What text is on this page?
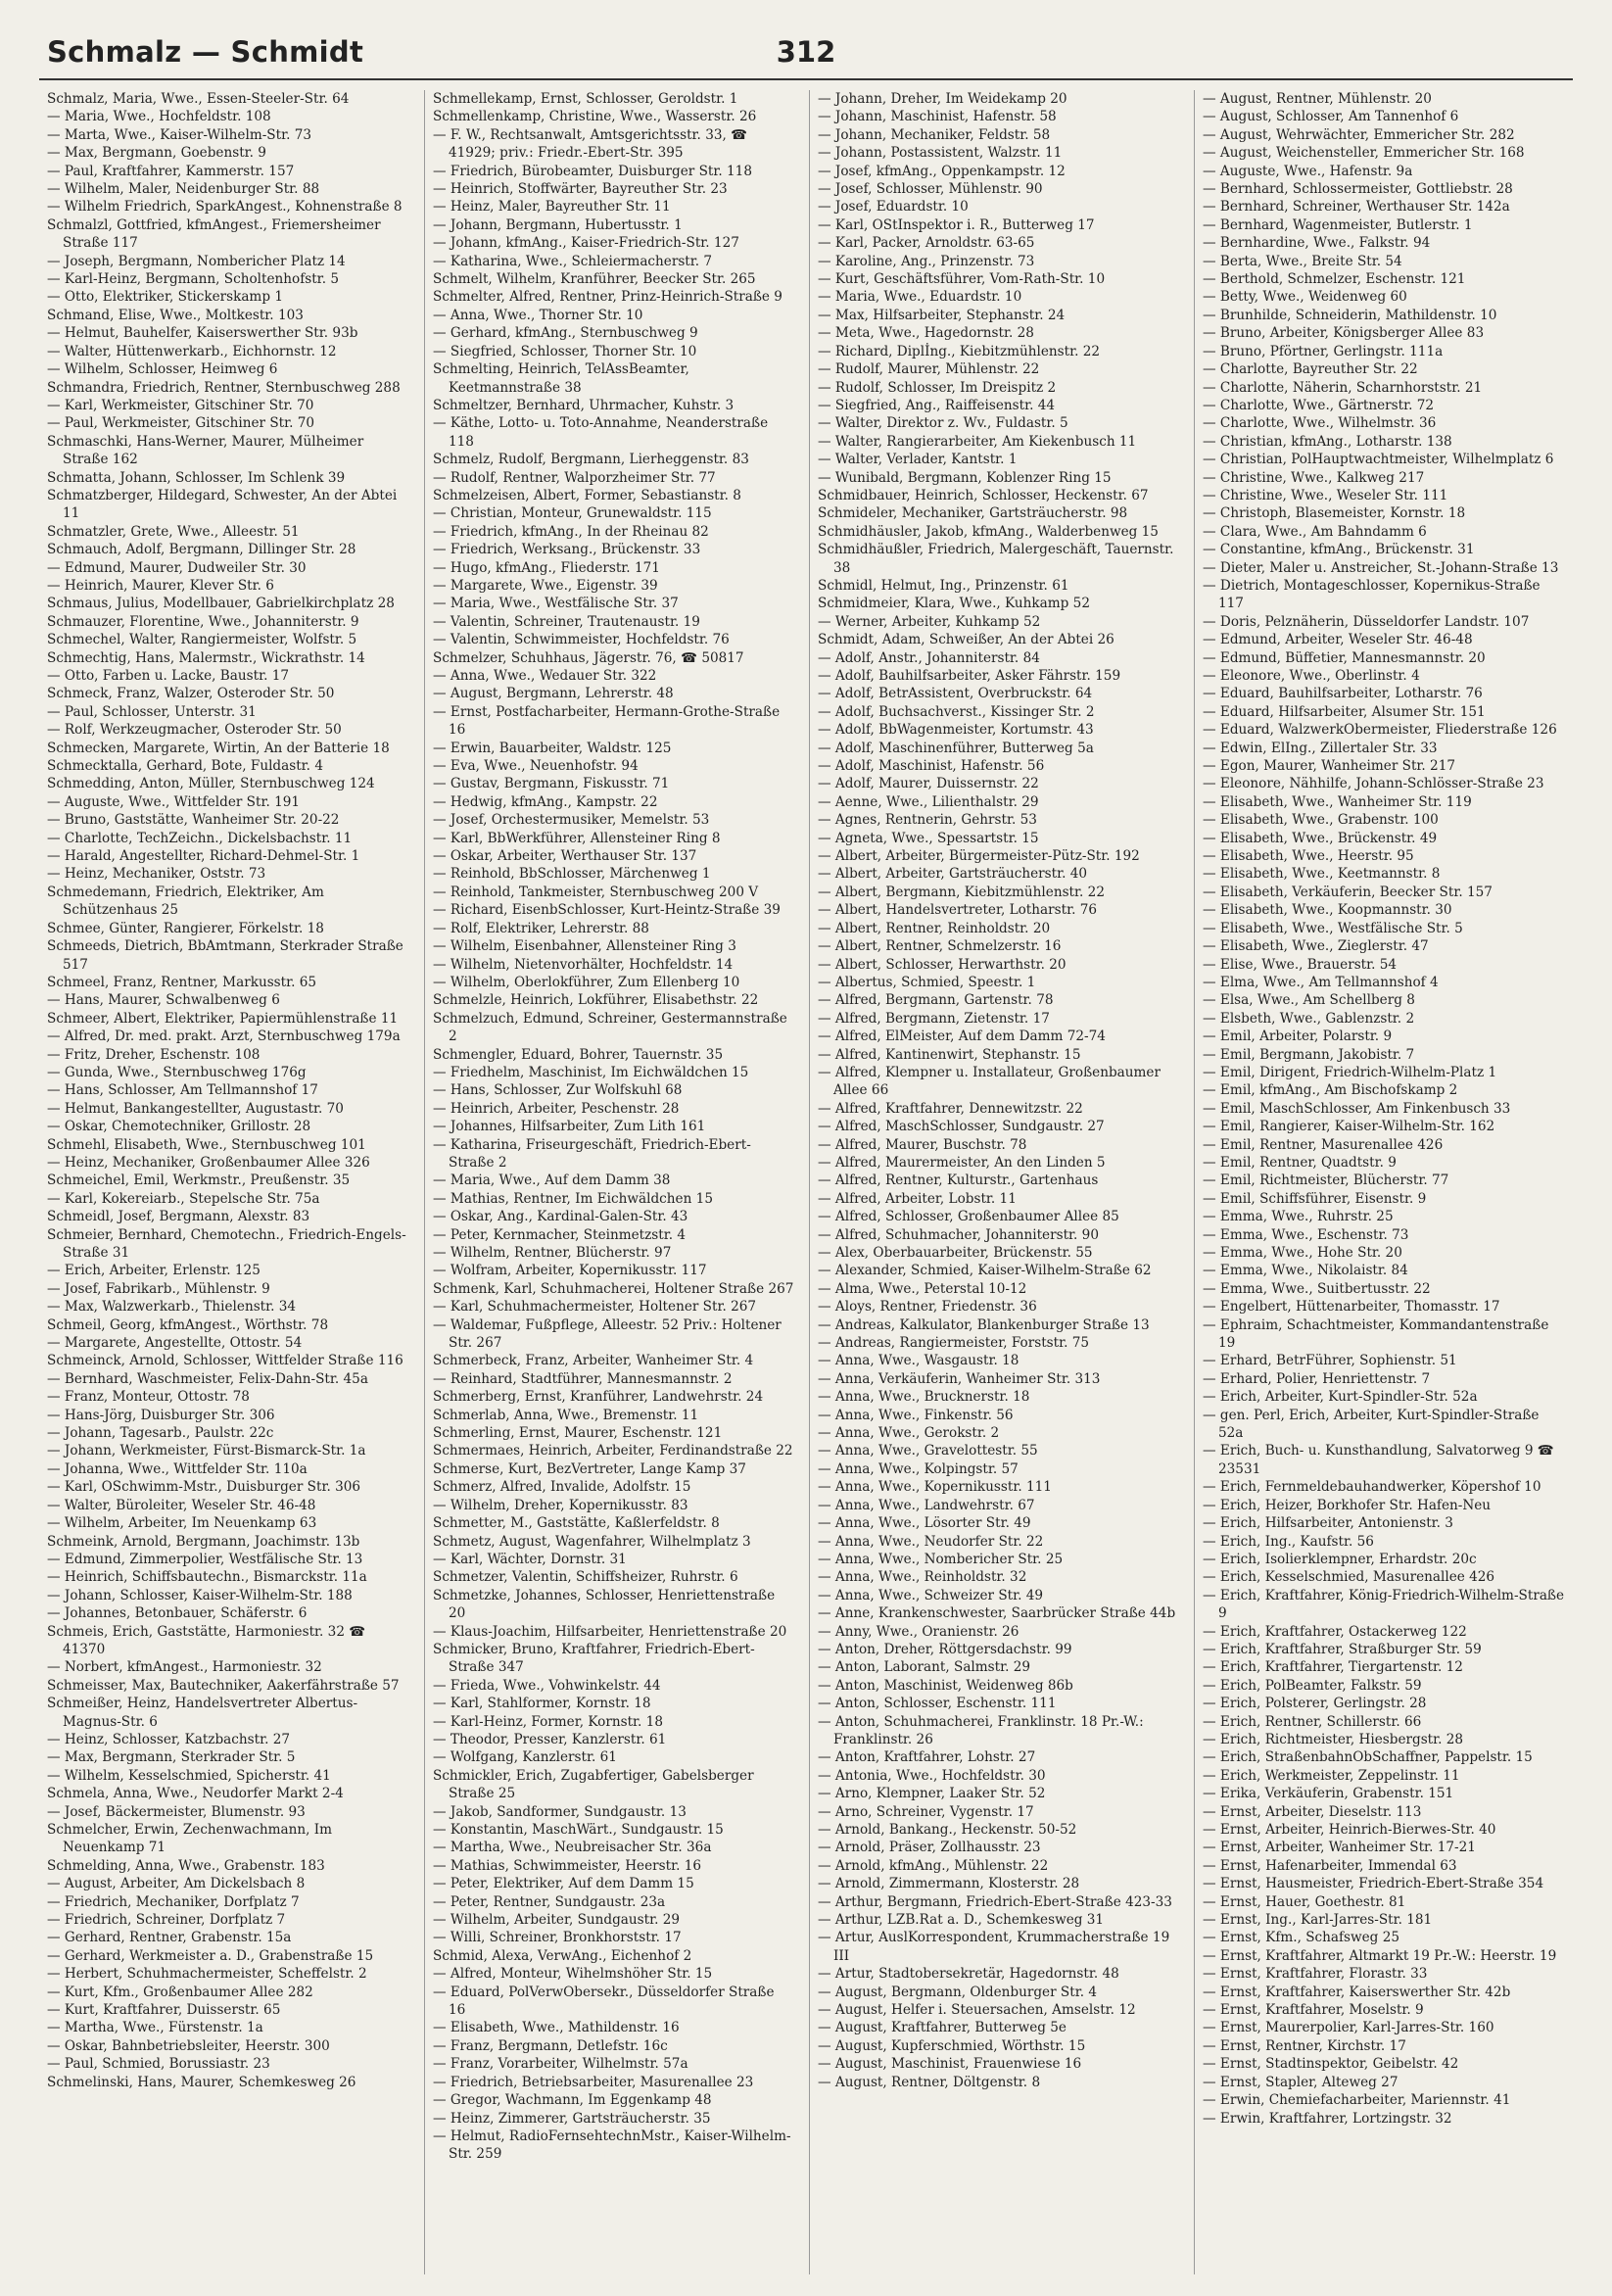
Schmalz — Schmidt	312
Schmalz, Maria, Wwe., Essen-Steeler-Str. 64
— Maria, Wwe., Hochfeldstr. 108
— Marta, Wwe., Kaiser-Wilhelm-Str. 73
— Max, Bergmann, Goebenstr. 9
— Paul, Kraftfahrer, Kammerstr. 157
— Wilhelm, Maler, Neidenburger Str. 88
— Wilhelm Friedrich, SparkAngest., Kohnenstraße 8
Schmalzl, Gottfried, kfmAngest., Friemersheimer Straße 117
— Joseph, Bergmann, Nombericher Platz 14
— Karl-Heinz, Bergmann, Scholtenhofstr. 5
— Otto, Elektriker, Stickerskamp 1
Schmand, Elise, Wwe., Moltkestr. 103
— Helmut, Bauhelfer, Kaiserswerther Str. 93b
— Walter, Hüttenwerkarb., Eichhornstr. 12
— Wilhelm, Schlosser, Heimweg 6
Schmandra, Friedrich, Rentner, Sternbuschweg 288
— Karl, Werkmeister, Gitschiner Str. 70
— Paul, Werkmeister, Gitschiner Str. 70
Schmaschki, Hans-Werner, Maurer, Mülheimer Straße 162
Schmatta, Johann, Schlosser, Im Schlenk 39
Schmatzberger, Hildegard, Schwester, An der Abtei 11
Schmatzler, Grete, Wwe., Alleestr. 51
Schmauch, Adolf, Bergmann, Dillinger Str. 28
— Edmund, Maurer, Dudweiler Str. 30
— Heinrich, Maurer, Klever Str. 6
Schmaus, Julius, Modellbauer, Gabrielkirchplatz 28
Schmauzer, Florentine, Wwe., Johanniterstr. 9
Schmechel, Walter, Rangiermeister, Wolfstr. 5
Schmechtig, Hans, Malermstr., Wickrathstr. 14
— Otto, Farben u. Lacke, Baustr. 17
Schmeck, Franz, Walzer, Osteroder Str. 50
— Paul, Schlosser, Unterstr. 31
— Rolf, Werkzeugmacher, Osteroder Str. 50
Schmecken, Margarete, Wirtin, An der Batterie 18
Schmecktalla, Gerhard, Bote, Fuldastr. 4
Schmedding, Anton, Müller, Sternbuschweg 124
— Auguste, Wwe., Wittfelder Str. 191
— Bruno, Gaststätte, Wanheimer Str. 20-22
— Charlotte, TechZeichn., Dickelsbachstr. 11
— Harald, Angestellter, Richard-Dehmel-Str. 1
— Heinz, Mechaniker, Oststr. 73
Schmedemann, Friedrich, Elektriker, Am Schützenhaus 25
Schmee, Günter, Rangierer, Förkelstr. 18
Schmeeds, Dietrich, BbAmtmann, Sterkrader Straße 517
Schmeel, Franz, Rentner, Markusstr. 65
— Hans, Maurer, Schwalbenweg 6
Schmeer, Albert, Elektriker, Papiermühlenstraße 11
— Alfred, Dr. med. prakt. Arzt, Sternbuschweg 179a
— Fritz, Dreher, Eschenstr. 108
— Gunda, Wwe., Sternbuschweg 176g
— Hans, Schlosser, Am Tellmannshof 17
— Helmut, Bankangestellter, Augustastr. 70
— Oskar, Chemotechniker, Grillostr. 28
Schmehl, Elisabeth, Wwe., Sternbuschweg 101
— Heinz, Mechaniker, Großenbaumer Allee 326
Schmeichel, Emil, Werkmstr., Preußenstr. 35
— Karl, Kokereiarb., Stepelsche Str. 75a
Schmeidl, Josef, Bergmann, Alexstr. 83
Schmeier, Bernhard, Chemotechn., Friedrich-Engels-Straße 31
— Erich, Arbeiter, Erlenstr. 125
— Josef, Fabrikarb., Mühlenstr. 9
— Max, Walzwerkarb., Thielenstr. 34
Schmeil, Georg, kfmAngest., Wörthstr. 78
— Margarete, Angestellte, Ottostr. 54
Schmeinck, Arnold, Schlosser, Wittfelder Straße 116
— Bernhard, Waschmeister, Felix-Dahn-Str. 45a
— Franz, Monteur, Ottostr. 78
— Hans-Jörg, Duisburger Str. 306
— Johann, Tagesarb., Paulstr. 22c
— Johann, Werkmeister, Fürst-Bismarck-Str. 1a
— Johanna, Wwe., Wittfelder Str. 110a
— Karl, OSchwimm-Mstr., Duisburger Str. 306
— Walter, Büroleiter, Weseler Str. 46-48
— Wilhelm, Arbeiter, Im Neuenkamp 63
Schmeink, Arnold, Bergmann, Joachimstr. 13b
— Edmund, Zimmerpolier, Westfälische Str. 13
— Heinrich, Schiffsbautechn., Bismarckstr. 11a
— Johann, Schlosser, Kaiser-Wilhelm-Str. 188
— Johannes, Betonbauer, Schäferstr. 6
Schmeis, Erich, Gaststätte, Harmoniestr. 32 ☎ 41370
— Norbert, kfmAngest., Harmoniestr. 32
Schmeisser, Max, Bautechniker, Aakerfährstraße 57
Schmeißer, Heinz, Handelsvertreter Albertus-Magnus-Str. 6
— Heinz, Schlosser, Katzbachstr. 27
— Max, Bergmann, Sterkrader Str. 5
— Wilhelm, Kesselschmied, Spicherstr. 41
Schmela, Anna, Wwe., Neudorfer Markt 2-4
— Josef, Bäckermeister, Blumenstr. 93
Schmelcher, Erwin, Zechenwachmann, Im Neuenkamp 71
Schmelding, Anna, Wwe., Grabenstr. 183
— August, Arbeiter, Am Dickelsbach 8
— Friedrich, Mechaniker, Dorfplatz 7
— Friedrich, Schreiner, Dorfplatz 7
— Gerhard, Rentner, Grabenstr. 15a
— Gerhard, Werkmeister a. D., Grabenstraße 15
— Herbert, Schuhmachermeister, Scheffelstr. 2
— Kurt, Kfm., Großenbaumer Allee 282
— Kurt, Kraftfahrer, Duisserstr. 65
— Martha, Wwe., Fürstenstr. 1a
— Oskar, Bahnbetriebsleiter, Heerstr. 300
— Paul, Schmied, Borussiastr. 23
Schmelinski, Hans, Maurer, Schemkesweg 26
Schmellekamp, Ernst, Schlosser, Geroldstr. 1
Schmellenkamp, Christine, Wwe., Wasserstr. 26
— F. W., Rechtsanwalt, Amtsgerichtsstr. 33, ☎ 41929; priv.: Friedr.-Ebert-Str. 395
— Friedrich, Bürobeamter, Duisburger Str. 118
— Heinrich, Stoffwärter, Bayreuther Str. 23
— Heinz, Maler, Bayreuther Str. 11
— Johann, Bergmann, Hubertusstr. 1
— Johann, kfmAng., Kaiser-Friedrich-Str. 127
— Katharina, Wwe., Schleiermacherstr. 7
Schmelt, Wilhelm, Kranführer, Beecker Str. 265
Schmelter, Alfred, Rentner, Prinz-Heinrich-Straße 9
— Anna, Wwe., Thorner Str. 10
— Gerhard, kfmAng., Sternbuschweg 9
— Siegfried, Schlosser, Thorner Str. 10
Schmelting, Heinrich, TelAssBeamter, Keetmannstraße 38
Schmeltzer, Bernhard, Uhrmacher, Kuhstr. 3
— Käthe, Lotto- u. Toto-Annahme, Neanderstraße 118
Schmelz, Rudolf, Bergmann, Lierheggenstr. 83
— Rudolf, Rentner, Walporzheimer Str. 77
Schmelzeisen, Albert, Former, Sebastianstr. 8
— Christian, Monteur, Grunewaldstr. 115
— Friedrich, kfmAng., In der Rheinau 82
— Friedrich, Werksang., Brückenstr. 33
— Hugo, kfmAng., Fliederstr. 171
— Margarete, Wwe., Eigenstr. 39
— Maria, Wwe., Westfälische Str. 37
— Valentin, Schreiner, Trautenaustr. 19
— Valentin, Schwimmeister, Hochfeldstr. 76
Schmelzer, Schuhhaus, Jägerstr. 76, ☎ 50817
— Anna, Wwe., Wedauer Str. 322
— August, Bergmann, Lehrerstr. 48
— Ernst, Postfacharbeiter, Hermann-Grothe-Straße 16
— Erwin, Bauarbeiter, Waldstr. 125
— Eva, Wwe., Neuenhofstr. 94
— Gustav, Bergmann, Fiskusstr. 71
— Hedwig, kfmAng., Kampstr. 22
— Josef, Orchestermusiker, Memelstr. 53
— Karl, BbWerkführer, Allensteiner Ring 8
— Oskar, Arbeiter, Werthauser Str. 137
— Reinhold, BbSchlosser, Märchenweg 1
— Reinhold, Tankmeister, Sternbuschweg 200 V
— Richard, EisenbSchlosser, Kurt-Heintz-Straße 39
— Rolf, Elektriker, Lehrerstr. 88
— Wilhelm, Eisenbahner, Allensteiner Ring 3
— Wilhelm, Nietenvorhälter, Hochfeldstr. 14
— Wilhelm, Oberlokführer, Zum Ellenberg 10
Schmelzle, Heinrich, Lokführer, Elisabethstr. 22
Schmelzuch, Edmund, Schreiner, Gestermannstraße 2
Schmengler, Eduard, Bohrer, Tauernstr. 35
— Friedhelm, Maschinist, Im Eichwäldchen 15
— Hans, Schlosser, Zur Wolfskuhl 68
— Heinrich, Arbeiter, Peschenstr. 28
— Johannes, Hilfsarbeiter, Zum Lith 161
— Katharina, Friseurgeschäft, Friedrich-Ebert-Straße 2
— Maria, Wwe., Auf dem Damm 38
— Mathias, Rentner, Im Eichwäldchen 15
— Oskar, Ang., Kardinal-Galen-Str. 43
— Peter, Kernmacher, Steinmetzstr. 4
— Wilhelm, Rentner, Blücherstr. 97
— Wolfram, Arbeiter, Kopernikusstr. 117
Schmenk, Karl, Schuhmacherei, Holtener Straße 267
— Karl, Schuhmachermeister, Holtener Str. 267
— Waldemar, Fußpflege, Alleestr. 52 Priv.: Holtener Str. 267
Schmerbeck, Franz, Arbeiter, Wanheimer Str. 4
— Reinhard, Stadtführer, Mannesmannstr. 2
Schmerberg, Ernst, Kranführer, Landwehrstr. 24
Schmerlab, Anna, Wwe., Bremenstr. 11
Schmerling, Ernst, Maurer, Eschenstr. 121
Schmermaes, Heinrich, Arbeiter, Ferdinandstraße 22
Schmerse, Kurt, BezVertreter, Lange Kamp 37
Schmerz, Alfred, Invalide, Adolfstr. 15
— Wilhelm, Dreher, Kopernikusstr. 83
Schmetter, M., Gaststätte, Kaßlerfeldstr. 8
Schmetz, August, Wagenfahrer, Wilhelmplatz 3
— Karl, Wächter, Dornstr. 31
Schmetzer, Valentin, Schiffsheizer, Ruhrstr. 6
Schmetzke, Johannes, Schlosser, Henriettenstraße 20
— Klaus-Joachim, Hilfsarbeiter, Henriettenstraße 20
Schmicker, Bruno, Kraftfahrer, Friedrich-Ebert-Straße 347
— Frieda, Wwe., Vohwinkelstr. 44
— Karl, Stahlformer, Kornstr. 18
— Karl-Heinz, Former, Kornstr. 18
— Theodor, Presser, Kanzlerstr. 61
— Wolfgang, Kanzlerstr. 61
Schmickler, Erich, Zugabfertiger, Gabelsberger Straße 25
— Jakob, Sandformer, Sundgaustr. 13
— Konstantin, MaschWärt., Sundgaustr. 15
— Martha, Wwe., Neubreisacher Str. 36a
— Mathias, Schwimmeister, Heerstr. 16
— Peter, Elektriker, Auf dem Damm 15
— Peter, Rentner, Sundgaustr. 23a
— Wilhelm, Arbeiter, Sundgaustr. 29
— Willi, Schreiner, Bronkhorststr. 17
Schmid, Alexa, VerwAng., Eichenhof 2
— Alfred, Monteur, Wihelmshöher Str. 15
— Eduard, PolVerwObersekr., Düsseldorfer Straße 16
— Elisabeth, Wwe., Mathildenstr. 16
— Franz, Bergmann, Detlefstr. 16c
— Franz, Vorarbeiter, Wilhelmstr. 57a
— Friedrich, Betriebsarbeiter, Masurenallee 23
— Gregor, Wachmann, Im Eggenkamp 48
— Heinz, Zimmerer, Gartsträucherstr. 35
— Helmut, RadioFernsehtechnMstr., Kaiser-Wilhelm-Str. 259
— Johann, Dreher, Im Weidekamp 20
— Johann, Maschinist, Hafenstr. 58
— Johann, Mechaniker, Feldstr. 58
— Johann, Postassistent, Walzstr. 11
— Josef, kfmAng., Oppenkampstr. 12
— Josef, Schlosser, Mühlenstr. 90
— Josef, Eduardstr. 10
— Karl, OStInspektor i. R., Butterweg 17
— Karl, Packer, Arnoldstr. 63-65
— Karoline, Ang., Prinzenstr. 73
— Kurt, Geschäftsführer, Vom-Rath-Str. 10
— Maria, Wwe., Eduardstr. 10
— Max, Hilfsarbeiter, Stephanstr. 24
— Meta, Wwe., Hagedornstr. 28
— Richard, Diplİng., Kiebitzmühlenstr. 22
— Rudolf, Maurer, Mühlenstr. 22
— Rudolf, Schlosser, Im Dreispitz 2
— Siegfried, Ang., Raiffeisenstr. 44
— Walter, Direktor z. Wv., Fuldastr. 5
— Walter, Rangierarbeiter, Am Kiekenbusch 11
— Walter, Verlader, Kantstr. 1
— Wunibald, Bergmann, Koblenzer Ring 15
Schmidbauer, Heinrich, Schlosser, Heckenstr. 67
Schmideler, Mechaniker, Gartsträucherstr. 98
Schmidhäusler, Jakob, kfmAng., Walderbenweg 15
Schmidhäußler, Friedrich, Malergeschäft, Tauernstr. 38
Schmidl, Helmut, Ing., Prinzenstr. 61
Schmidmeier, Klara, Wwe., Kuhkamp 52
— Werner, Arbeiter, Kuhkamp 52
Schmidt, Adam, Schweißer, An der Abtei 26
— Adolf, Anstr., Johanniterstr. 84
— Adolf, Bauhilfsarbeiter, Asker Fährstr. 159
— Adolf, BetrAssistent, Overbruckstr. 64
— Adolf, Buchsachverst., Kissinger Str. 2
— Adolf, BbWagenmeister, Kortumstr. 43
— Adolf, Maschinenführer, Butterweg 5a
— Adolf, Maschinist, Hafenstr. 56
— Adolf, Maurer, Duissernstr. 22
— Aenne, Wwe., Lilienthalstr. 29
— Agnes, Rentnerin, Gehrstr. 53
— Agneta, Wwe., Spessartstr. 15
— Albert, Arbeiter, Bürgermeister-Pütz-Str. 192
— Albert, Arbeiter, Gartsträucherstr. 40
— Albert, Bergmann, Kiebitzmühlenstr. 22
— Albert, Handelsvertreter, Lotharstr. 76
— Albert, Rentner, Reinholdstr. 20
— Albert, Rentner, Schmelzerstr. 16
— Albert, Schlosser, Herwarthstr. 20
— Albertus, Schmied, Speestr. 1
— Alfred, Bergmann, Gartenstr. 78
— Alfred, Bergmann, Zietenstr. 17
— Alfred, ElMeister, Auf dem Damm 72-74
— Alfred, Kantinenwirt, Stephanstr. 15
— Alfred, Klempner u. Installateur, Großenbaumer Allee 66
— Alfred, Kraftfahrer, Dennewitzstr. 22
— Alfred, MaschSchlosser, Sundgaustr. 27
— Alfred, Maurer, Buschstr. 78
— Alfred, Maurermeister, An den Linden 5
— Alfred, Rentner, Kulturstr., Gartenhaus
— Alfred, Arbeiter, Lobstr. 11
— Alfred, Schlosser, Großenbaumer Allee 85
— Alfred, Schuhmacher, Johanniterstr. 90
— Alex, Oberbauarbeiter, Brückenstr. 55
— Alexander, Schmied, Kaiser-Wilhelm-Straße 62
— Alma, Wwe., Peterstal 10-12
— Aloys, Rentner, Friedenstr. 36
— Andreas, Kalkulator, Blankenburger Straße 13
— Andreas, Rangiermeister, Forststr. 75
— Anna, Wwe., Wasgaustr. 18
— Anna, Verkäuferin, Wanheimer Str. 313
— Anna, Wwe., Brucknerstr. 18
— Anna, Wwe., Finkenstr. 56
— Anna, Wwe., Gerokstr. 2
— Anna, Wwe., Gravelottestr. 55
— Anna, Wwe., Kolpingstr. 57
— Anna, Wwe., Kopernikusstr. 111
— Anna, Wwe., Landwehrstr. 67
— Anna, Wwe., Lösorter Str. 49
— Anna, Wwe., Neudorfer Str. 22
— Anna, Wwe., Nombericher Str. 25
— Anna, Wwe., Reinholdstr. 32
— Anna, Wwe., Schweizer Str. 49
— Anne, Krankenschwester, Saarbrücker Straße 44b
— Anny, Wwe., Oranienstr. 26
— Anton, Dreher, Röttgersdachstr. 99
— Anton, Laborant, Salmstr. 29
— Anton, Maschinist, Weidenweg 86b
— Anton, Schlosser, Eschenstr. 111
— Anton, Schuhmacherei, Franklinstr. 18 Pr.-W.: Franklinstr. 26
— Anton, Kraftfahrer, Lohstr. 27
— Antonia, Wwe., Hochfeldstr. 30
— Arno, Klempner, Laaker Str. 52
— Arno, Schreiner, Vygenstr. 17
— Arnold, Bankang., Heckenstr. 50-52
— Arnold, Präser, Zollhausstr. 23
— Arnold, kfmAng., Mühlenstr. 22
— Arnold, Zimmermann, Klosterstr. 28
— Arthur, Bergmann, Friedrich-Ebert-Straße 423-33
— Arthur, LZB.Rat a. D., Schemkesweg 31
— Artur, AuslKorrespondent, Krummacherstraße 19 III
— Artur, Stadtobersekretär, Hagedornstr. 48
— August, Bergmann, Oldenburger Str. 4
— August, Helfer i. Steuersachen, Amselstr. 12
— August, Kraftfahrer, Butterweg 5e
— August, Kupferschmied, Wörthstr. 15
— August, Maschinist, Frauenwiese 16
— August, Rentner, Döltgenstr. 8
— August, Rentner, Mühlenstr. 20
— August, Schlosser, Am Tannenhof 6
— August, Wehrwächter, Emmericher Str. 282
— August, Weichensteller, Emmericher Str. 168
— Auguste, Wwe., Hafenstr. 9a
— Bernhard, Schlossermeister, Gottliebstr. 28
— Bernhard, Schreiner, Werthauser Str. 142a
— Bernhard, Wagenmeister, Butlerstr. 1
— Bernhardine, Wwe., Falkstr. 94
— Berta, Wwe., Breite Str. 54
— Berthold, Schmelzer, Eschenstr. 121
— Betty, Wwe., Weidenweg 60
— Brunhilde, Schneiderin, Mathildenstr. 10
— Bruno, Arbeiter, Königsberger Allee 83
— Bruno, Pförtner, Gerlingstr. 111a
— Charlotte, Bayreuther Str. 22
— Charlotte, Näherin, Scharnhorststr. 21
— Charlotte, Wwe., Gärtnerstr. 72
— Charlotte, Wwe., Wilhelmstr. 36
— Christian, kfmAng., Lotharstr. 138
— Christian, PolHauptwachtmeister, Wilhelmplatz 6
— Christine, Wwe., Kalkweg 217
— Christine, Wwe., Weseler Str. 111
— Christoph, Blasemeister, Kornstr. 18
— Clara, Wwe., Am Bahndamm 6
— Constantine, kfmAng., Brückenstr. 31
— Dieter, Maler u. Anstreicher, St.-Johann-Straße 13
— Dietrich, Montageschlosser, Kopernikus-Straße 117
— Doris, Pelznäherin, Düsseldorfer Landstr. 107
— Edmund, Arbeiter, Weseler Str. 46-48
— Edmund, Büffetier, Mannesmannstr. 20
— Eleonore, Wwe., Oberlinstr. 4
— Eduard, Bauhilfsarbeiter, Lotharstr. 76
— Eduard, Hilfsarbeiter, Alsumer Str. 151
— Eduard, WalzwerkObermeister, Fliederstraße 126
— Edwin, ElIng., Zillertaler Str. 33
— Egon, Maurer, Wanheimer Str. 217
— Eleonore, Nähhilfe, Johann-Schlösser-Straße 23
— Elisabeth, Wwe., Wanheimer Str. 119
— Elisabeth, Wwe., Grabenstr. 100
— Elisabeth, Wwe., Brückenstr. 49
— Elisabeth, Wwe., Heerstr. 95
— Elisabeth, Wwe., Keetmannstr. 8
— Elisabeth, Verkäuferin, Beecker Str. 157
— Elisabeth, Wwe., Koopmannstr. 30
— Elisabeth, Wwe., Westfälische Str. 5
— Elisabeth, Wwe., Zieglerstr. 47
— Elise, Wwe., Brauerstr. 54
— Elma, Wwe., Am Tellmannshof 4
— Elsa, Wwe., Am Schellberg 8
— Elsbeth, Wwe., Gablenzstr. 2
— Emil, Arbeiter, Polarstr. 9
— Emil, Bergmann, Jakobistr. 7
— Emil, Dirigent, Friedrich-Wilhelm-Platz 1
— Emil, kfmAng., Am Bischofskamp 2
— Emil, MaschSchlosser, Am Finkenbusch 33
— Emil, Rangierer, Kaiser-Wilhelm-Str. 162
— Emil, Rentner, Masurenallee 426
— Emil, Rentner, Quadtstr. 9
— Emil, Richtmeister, Blücherstr. 77
— Emil, Schiffsführer, Eisenstr. 9
— Emma, Wwe., Ruhrstr. 25
— Emma, Wwe., Eschenstr. 73
— Emma, Wwe., Hohe Str. 20
— Emma, Wwe., Nikolaistr. 84
— Emma, Wwe., Suitbertusstr. 22
— Engelbert, Hüttenarbeiter, Thomasstr. 17
— Ephraim, Schachtmeister, Kommandantenstraße 19
— Erhard, BetrFührer, Sophienstr. 51
— Erhard, Polier, Henriettenstr. 7
— Erich, Arbeiter, Kurt-Spindler-Str. 52a
— gen. Perl, Erich, Arbeiter, Kurt-Spindler-Straße 52a
— Erich, Buch- u. Kunsthandlung, Salvatorweg 9 ☎ 23531
— Erich, Fernmeldebauhandwerker, Köpershof 10
— Erich, Heizer, Borkhofer Str. Hafen-Neu
— Erich, Hilfsarbeiter, Antonienstr. 3
— Erich, Ing., Kaufstr. 56
— Erich, Isolierklempner, Erhardstr. 20c
— Erich, Kesselschmied, Masurenallee 426
— Erich, Kraftfahrer, König-Friedrich-Wilhelm-Straße 9
— Erich, Kraftfahrer, Ostackerweg 122
— Erich, Kraftfahrer, Straßburger Str. 59
— Erich, Kraftfahrer, Tiergartenstr. 12
— Erich, PolBeamter, Falkstr. 59
— Erich, Polsterer, Gerlingstr. 28
— Erich, Rentner, Schillerstr. 66
— Erich, Richtmeister, Hiesbergstr. 28
— Erich, StraßenbahnObSchaffner, Pappelstr. 15
— Erich, Werkmeister, Zeppelinstr. 11
— Erika, Verkäuferin, Grabenstr. 151
— Ernst, Arbeiter, Dieselstr. 113
— Ernst, Arbeiter, Heinrich-Bierwes-Str. 40
— Ernst, Arbeiter, Wanheimer Str. 17-21
— Ernst, Hafenarbeiter, Immendal 63
— Ernst, Hausmeister, Friedrich-Ebert-Straße 354
— Ernst, Hauer, Goethestr. 81
— Ernst, Ing., Karl-Jarres-Str. 181
— Ernst, Kfm., Schafsweg 25
— Ernst, Kraftfahrer, Altmarkt 19 Pr.-W.: Heerstr. 19
— Ernst, Kraftfahrer, Florastr. 33
— Ernst, Kraftfahrer, Kaiserswerther Str. 42b
— Ernst, Kraftfahrer, Moselstr. 9
— Ernst, Maurerpolier, Karl-Jarres-Str. 160
— Ernst, Rentner, Kirchstr. 17
— Ernst, Stadtinspektor, Geibelstr. 42
— Ernst, Stapler, Alteweg 27
— Erwin, Chemiefacharbeiter, Mariennstr. 41
— Erwin, Kraftfahrer, Lortzingstr. 32
